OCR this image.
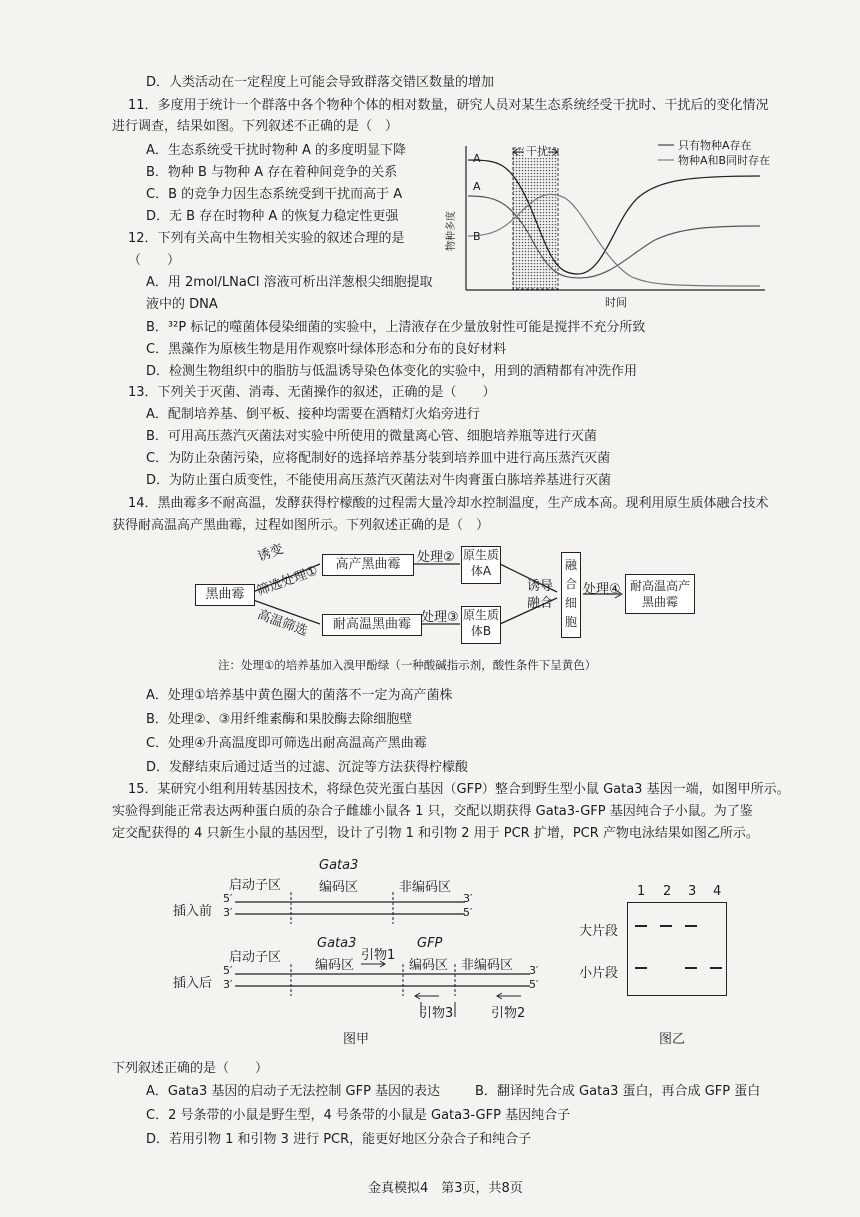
D．人类活动在一定程度上可能会导致群落交错区数量的增加
11．多度用于统计一个群落中各个物种个体的相对数量，研究人员对某生态系统经受干扰时、干扰后的变化情况
进行调查，结果如图。下列叙述不正确的是（　）
A．生态系统受干扰时物种 A 的多度明显下降
B．物种 B 与物种 A 存在着种间竞争的关系
C．B 的竞争力因生态系统受到干扰而高于 A
D．无 B 存在时物种 A 的恢复力稳定性更强
干扰
A
A
B
物种多度
时间
只有物种A存在
物种A和B同时存在
12．下列有关高中生物相关实验的叙述合理的是
（　　）
A．用 2mol/LNaCl 溶液可析出洋葱根尖细胞提取
液中的 DNA
B．³²P 标记的噬菌体侵染细菌的实验中，上清液存在少量放射性可能是搅拌不充分所致
C．黑藻作为原核生物是用作观察叶绿体形态和分布的良好材料
D．检测生物组织中的脂肪与低温诱导染色体变化的实验中，用到的酒精都有冲洗作用
13．下列关于灭菌、消毒、无菌操作的叙述，正确的是（　　）
A．配制培养基、倒平板、接种均需要在酒精灯火焰旁进行
B．可用高压蒸汽灭菌法对实验中所使用的微量离心管、细胞培养瓶等进行灭菌
C．为防止杂菌污染，应将配制好的选择培养基分装到培养皿中进行高压蒸汽灭菌
D．为防止蛋白质变性，不能使用高压蒸汽灭菌法对牛肉膏蛋白胨培养基进行灭菌
14．黑曲霉多不耐高温，发酵获得柠檬酸的过程需大量冷却水控制温度，生产成本高。现利用原生质体融合技术
获得耐高温高产黑曲霉，过程如图所示。下列叙述正确的是（　）
黑曲霉
诱变
筛选处理①
高温筛选
高产黑曲霉
耐高温黑曲霉
处理②
处理③
原生质体A
原生质体B
诱导融合
融合细胞
处理④ 耐高温高产黑曲霉
注：处理①的培养基加入溴甲酚绿（一种酸碱指示剂，酸性条件下呈黄色）
A．处理①培养基中黄色圈大的菌落不一定为高产菌株
B．处理②、③用纤维素酶和果胶酶去除细胞壁
C．处理④升高温度即可筛选出耐高温高产黑曲霉
D．发酵结束后通过适当的过滤、沉淀等方法获得柠檬酸
15．某研究小组利用转基因技术，将绿色荧光蛋白基因（GFP）整合到野生型小鼠 Gata3 基因一端，如图甲所示。
实验得到能正常表达两种蛋白质的杂合子雌雄小鼠各 1 只，交配以期获得 Gata3-GFP 基因纯合子小鼠。为了鉴
定交配获得的 4 只新生小鼠的基因型，设计了引物 1 和引物 2 用于 PCR 扩增，PCR 产物电泳结果如图乙所示。
插入前
插入后
启动子区
Gata3
编码区	非编码区
5′
3′
3′
5′
启动子区
Gata3
编码区
引物1
GFP
编码区 非编码区
5′
3′
3′
5′
引物3	引物2
图甲
1 2 3 4
大片段
小片段
图乙
下列叙述正确的是（　　）
A．Gata3 基因的启动子无法控制 GFP 基因的表达	B．翻译时先合成 Gata3 蛋白，再合成 GFP 蛋白
C．2 号条带的小鼠是野生型，4 号条带的小鼠是 Gata3-GFP 基因纯合子
D．若用引物 1 和引物 3 进行 PCR，能更好地区分杂合子和纯合子
金真模拟4　第3页，共8页
